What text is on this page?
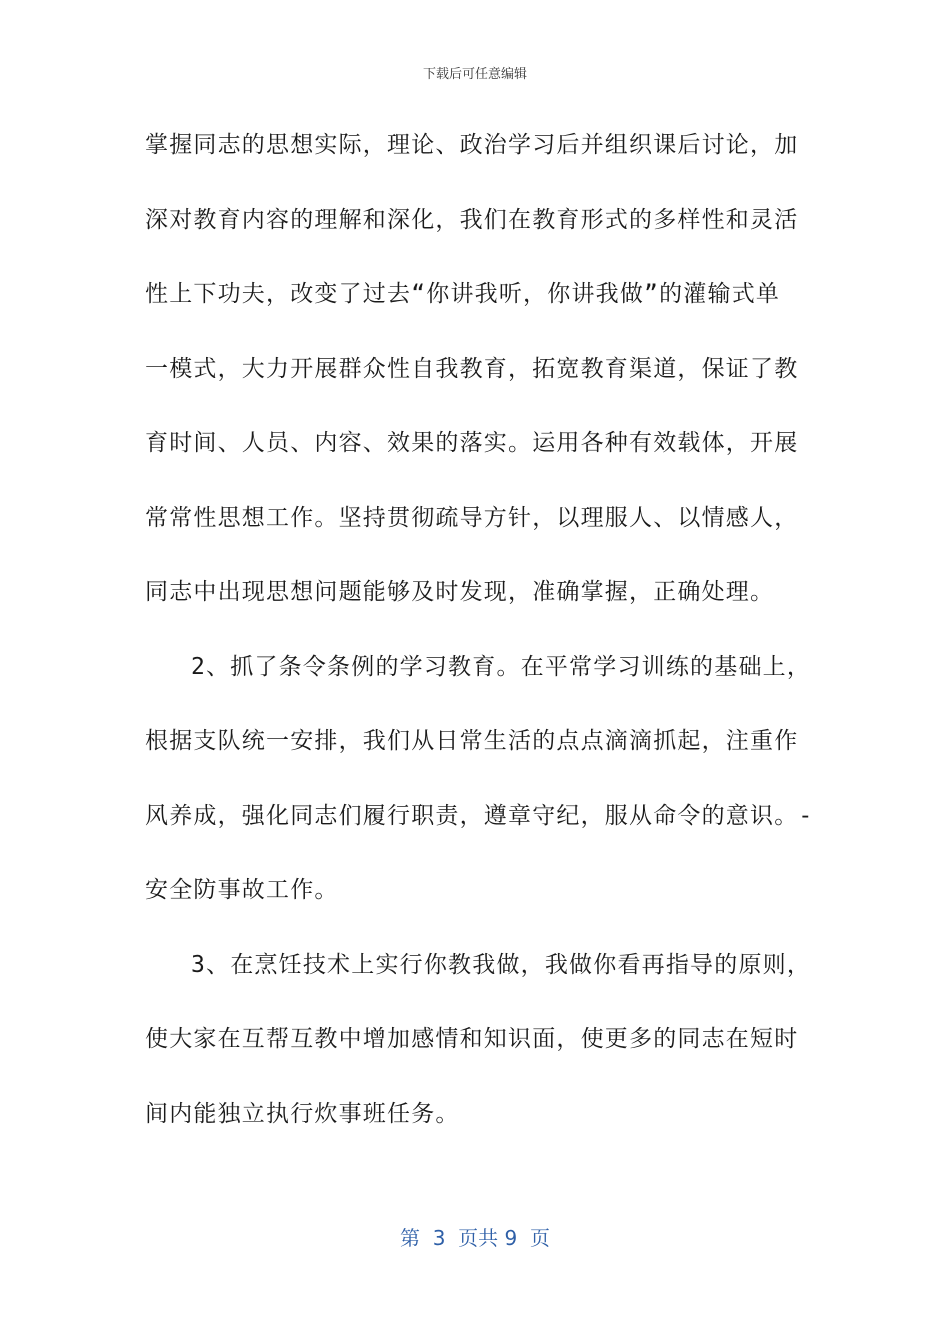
下载后可任意编辑
掌握同志的思想实际，理论、政治学习后并组织课后讨论，加
深对教育内容的理解和深化，我们在教育形式的多样性和灵活
性上下功夫，改变了过去“你讲我听，你讲我做”的灌输式单
一模式，大力开展群众性自我教育，拓宽教育渠道，保证了教
育时间、人员、内容、效果的落实。运用各种有效载体，开展
常常性思想工作。坚持贯彻疏导方针，以理服人、以情感人，
同志中出现思想问题能够及时发现，准确掌握，正确处理。
2、抓了条令条例的学习教育。在平常学习训练的基础上，
根据支队统一安排，我们从日常生活的点点滴滴抓起，注重作
风养成，强化同志们履行职责，遵章守纪，服从命令的意识。-
安全防事故工作。
3、在烹饪技术上实行你教我做，我做你看再指导的原则，
使大家在互帮互教中增加感情和知识面，使更多的同志在短时
间内能独立执行炊事班任务。
第  3  页共 9  页
